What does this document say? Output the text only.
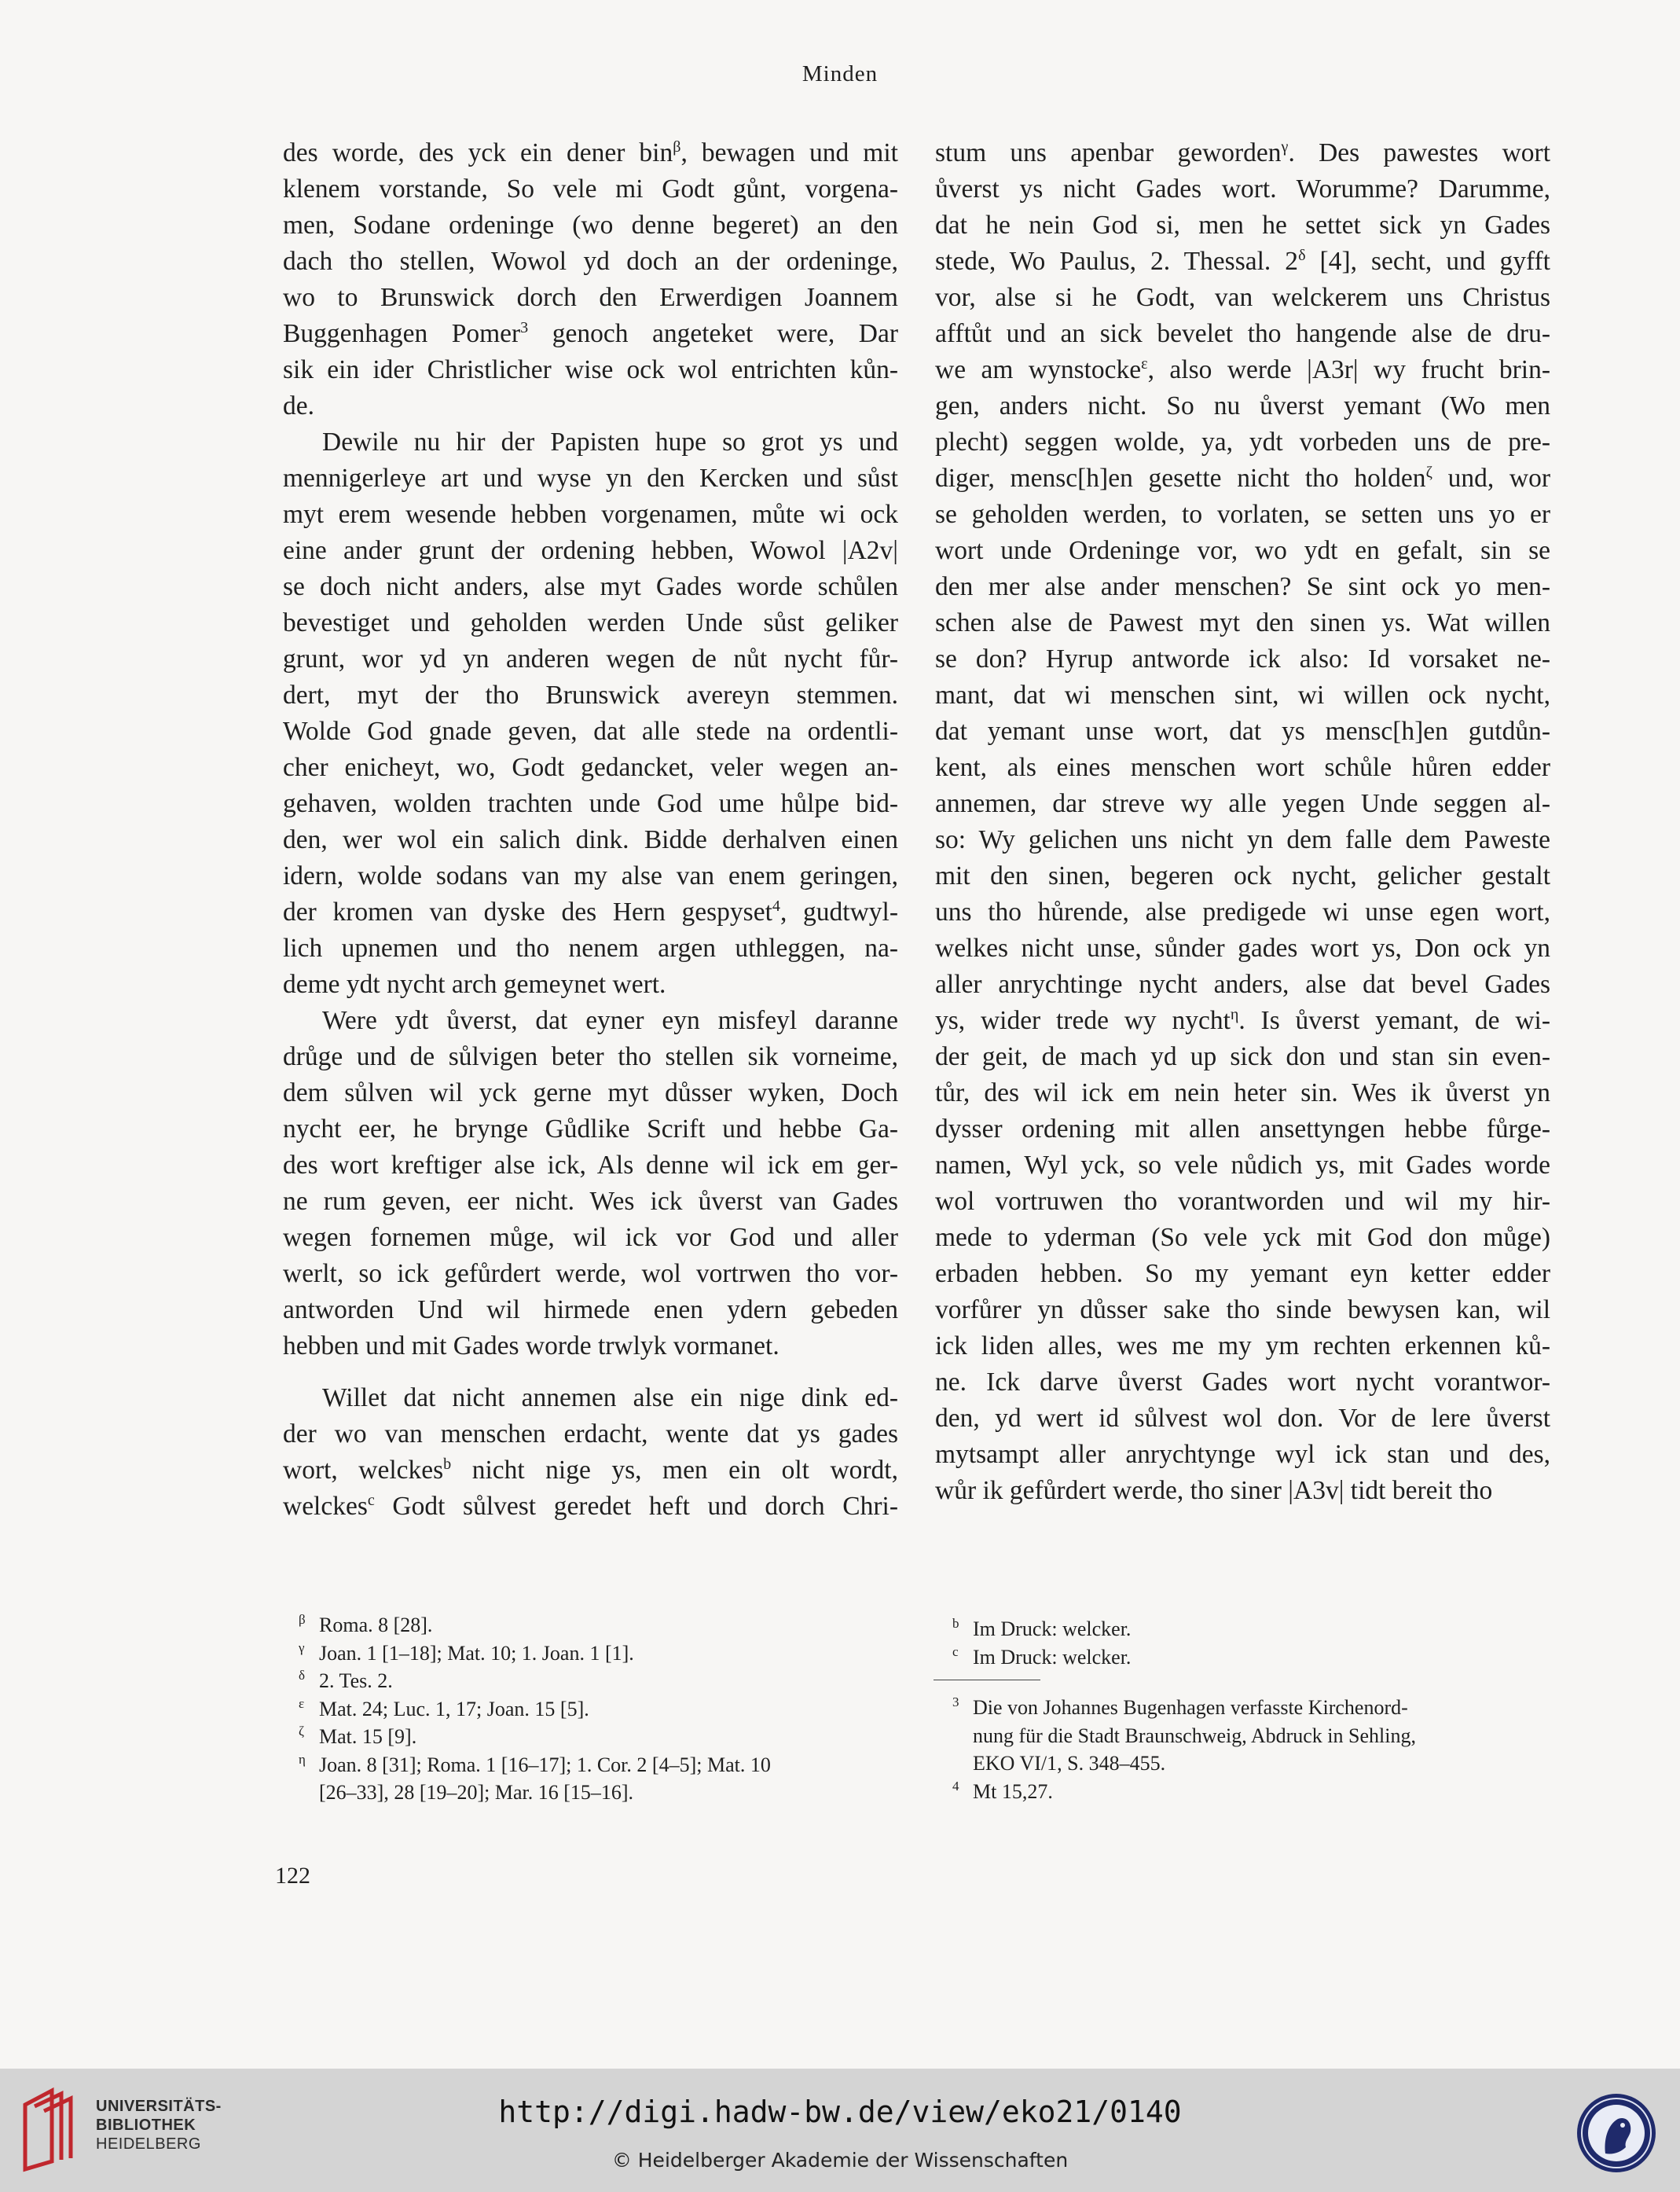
Minden
des worde, des yck ein dener bin$^\beta$, bewagen und mit
klenem vorstande, So vele mi Godt gůnt, vorgena-
men, Sodane ordeninge (wo denne begeret) an den
dach tho stellen, Wowol yd doch an der ordeninge,
wo to Brunswick dorch den Erwerdigen Joannem
Buggenhagen Pomer$^3$ genoch angeteket were, Dar
sik ein ider Christlicher wise ock wol entrichten kůn-
de.
Dewile nu hir der Papisten hupe so grot ys und
mennigerleye art und wyse yn den Kercken und sůst
myt erem wesende hebben vorgenamen, můte wi ock
eine ander grunt der ordening hebben, Wowol |A2v|
se doch nicht anders, alse myt Gades worde schůlen
bevestiget und geholden werden Unde sůst geliker
grunt, wor yd yn anderen wegen de nůt nycht fůr-
dert, myt der tho Brunswick avereyn stemmen.
Wolde God gnade geven, dat alle stede na ordentli-
cher enicheyt, wo, Godt gedancket, veler wegen an-
gehaven, wolden trachten unde God ume hůlpe bid-
den, wer wol ein salich dink. Bidde derhalven einen
idern, wolde sodans van my alse van enem geringen,
der kromen van dyske des Hern gespyset$^4$, gudtwyl-
lich upnemen und tho nenem argen uthleggen, na-
deme ydt nycht arch gemeynet wert.
Were ydt ůverst, dat eyner eyn misfeyl daranne
drůge und de sůlvigen beter tho stellen sik vorneime,
dem sůlven wil yck gerne myt důsser wyken, Doch
nycht eer, he brynge Gůdlike Scrift und hebbe Ga-
des wort kreftiger alse ick, Als denne wil ick em ger-
ne rum geven, eer nicht. Wes ick ůverst van Gades
wegen fornemen můge, wil ick vor God und aller
werlt, so ick gefůrdert werde, wol vortrwen tho vor-
antworden Und wil hirmede enen ydern gebeden
hebben und mit Gades worde trwlyk vormanet.
Willet dat nicht annemen alse ein nige dink ed-
der wo van menschen erdacht, wente dat ys gades
wort, welckes$^b$ nicht nige ys, men ein olt wordt,
welckes$^c$ Godt sůlvest geredet heft und dorch Chri-
stum uns apenbar geworden$^\gamma$. Des pawestes wort
ůverst ys nicht Gades wort. Worumme? Darumme,
dat he nein God si, men he settet sick yn Gades
stede, Wo Paulus, 2. Thessal. $2^\delta$ [4], secht, und gyfft
vor, alse si he Godt, van welckerem uns Christus
afftůt und an sick bevelet tho hangende alse de dru-
we am wynstocke$^\varepsilon$, also werde |A3r| wy frucht brin-
gen, anders nicht. So nu ůverst yemant (Wo men
plecht) seggen wolde, ya, ydt vorbeden uns de pre-
diger, mensc[h]en gesette nicht tho holden$^\zeta$ und, wor
se geholden werden, to vorlaten, se setten uns yo er
wort unde Ordeninge vor, wo ydt en gefalt, sin se
den mer alse ander menschen? Se sint ock yo men-
schen alse de Pawest myt den sinen ys. Wat willen
se don? Hyrup antworde ick also: Id vorsaket ne-
mant, dat wi menschen sint, wi willen ock nycht,
dat yemant unse wort, dat ys mensc[h]en gutdůn-
kent, als eines menschen wort schůle hůren edder
annemen, dar streve wy alle yegen Unde seggen al-
so: Wy gelichen uns nicht yn dem falle dem Paweste
mit den sinen, begeren ock nycht, gelicher gestalt
uns tho hůrende, alse predigede wi unse egen wort,
welkes nicht unse, sůnder gades wort ys, Don ock yn
aller anrychtinge nycht anders, alse dat bevel Gades
ys, wider trede wy nycht$^\eta$. Is ůverst yemant, de wi-
der geit, de mach yd up sick don und stan sin even-
tůr, des wil ick em nein heter sin. Wes ik ůverst yn
dysser ordening mit allen ansettyngen hebbe fůrge-
namen, Wyl yck, so vele nůdich ys, mit Gades worde
wol vortruwen tho vorantworden und wil my hir-
mede to yderman (So vele yck mit God don můge)
erbaden hebben. So my yemant eyn ketter edder
vorfůrer yn důsser sake tho sinde bewysen kan, wil
ick liden alles, wes me my ym rechten erkennen ků-
ne. Ick darve ůverst Gades wort nycht vorantwor-
den, yd wert id sůlvest wol don. Vor de lere ůverst
mytsampt aller anrychtynge wyl ick stan und des,
wůr ik gefůrdert werde, tho siner |A3v| tidt bereit tho
β Roma. 8 [28].
γ Joan. 1 [1–18]; Mat. 10; 1. Joan. 1 [1].
δ 2. Tes. 2.
ε Mat. 24; Luc. 1, 17; Joan. 15 [5].
ζ Mat. 15 [9].
η Joan. 8 [31]; Roma. 1 [16–17]; 1. Cor. 2 [4–5]; Mat. 10
[26–33], 28 [19–20]; Mar. 16 [15–16].
b Im Druck: welcker.
c Im Druck: welcker.
3 Die von Johannes Bugenhagen verfasste Kirchenord-
nung für die Stadt Braunschweig, Abdruck in Sehling,
EKO VI/1, S. 348–455.
4 Mt 15,27.
122
UNIVERSITÄTS-
BIBLIOTHEK
HEIDELBERG
http://digi.hadw-bw.de/view/eko21/0140
© Heidelberger Akademie der Wissenschaften
